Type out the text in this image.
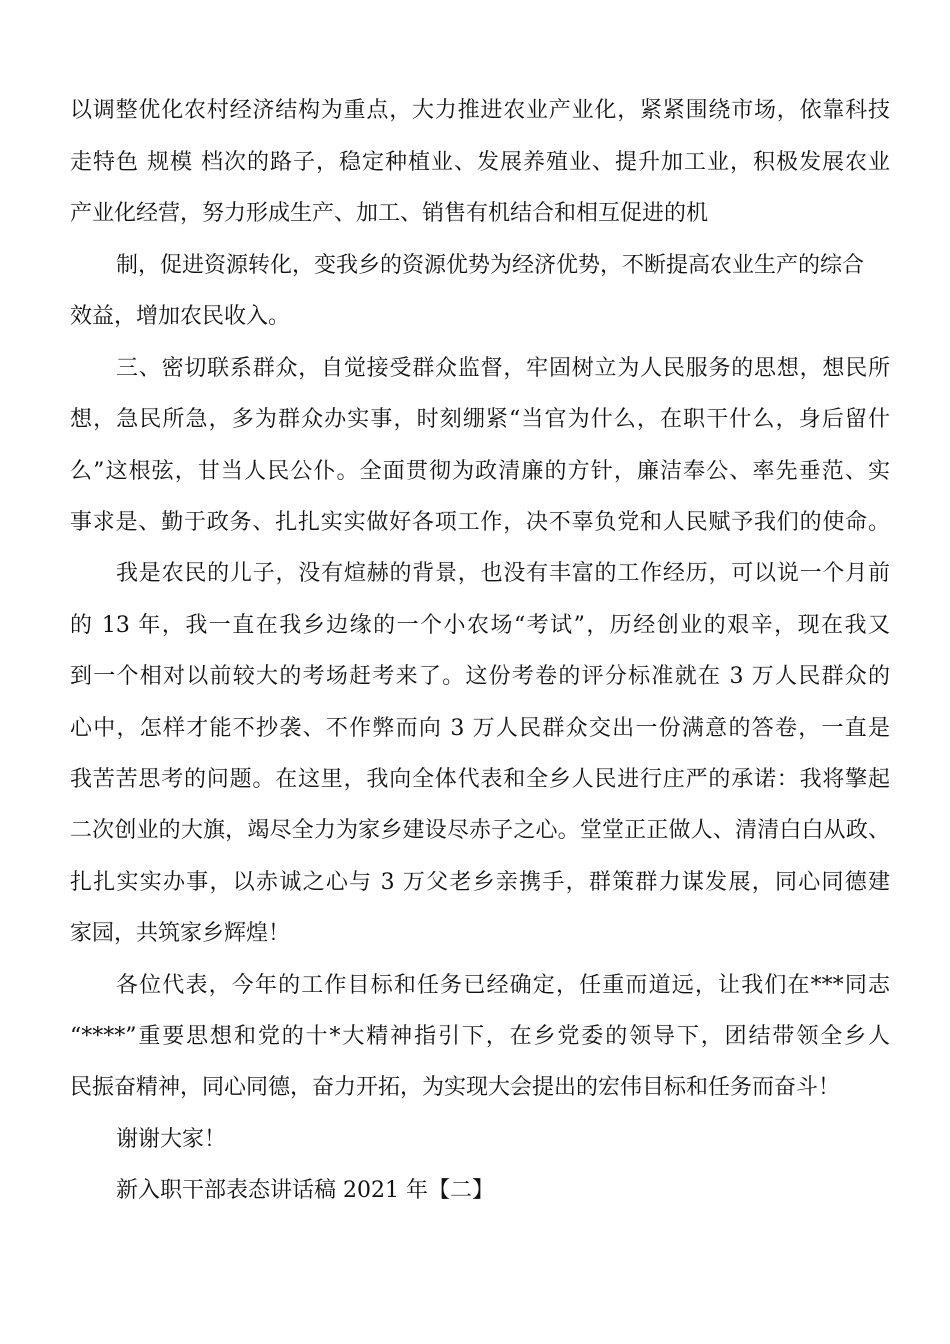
以调整优化农村经济结构为重点，大力推进农业产业化，紧紧围绕市场，依靠科技

走特色 规模 档次的路子，稳定种植业、发展养殖业、提升加工业，积极发展农业

产业化经营，努力形成生产、加工、销售有机结合和相互促进的机

制，促进资源转化，变我乡的资源优势为经济优势，不断提高农业生产的综合

效益，增加农民收入。

三、密切联系群众，自觉接受群众监督，牢固树立为人民服务的思想，想民所

想，急民所急，多为群众办实事，时刻绷紧“当官为什么，在职干什么，身后留什

么”这根弦，甘当人民公仆。全面贯彻为政清廉的方针，廉洁奉公、率先垂范、实

事求是、勤于政务、扎扎实实做好各项工作，决不辜负党和人民赋予我们的使命。

我是农民的儿子，没有煊赫的背景，也没有丰富的工作经历，可以说一个月前

的 13 年，我一直在我乡边缘的一个小农场“考试”，历经创业的艰辛，现在我又

到一个相对以前较大的考场赶考来了。这份考卷的评分标准就在 3 万人民群众的

心中，怎样才能不抄袭、不作弊而向 3 万人民群众交出一份满意的答卷，一直是

我苦苦思考的问题。在这里，我向全体代表和全乡人民进行庄严的承诺：我将擎起

二次创业的大旗，竭尽全力为家乡建设尽赤子之心。堂堂正正做人、清清白白从政、

扎扎实实办事，以赤诚之心与 3 万父老乡亲携手，群策群力谋发展，同心同德建

家园，共筑家乡辉煌！

各位代表，今年的工作目标和任务已经确定，任重而道远，让我们在***同志

“****”重要思想和党的十*大精神指引下，在乡党委的领导下，团结带领全乡人

民振奋精神，同心同德，奋力开拓，为实现大会提出的宏伟目标和任务而奋斗！

谢谢大家！

新入职干部表态讲话稿 2021 年【二】
